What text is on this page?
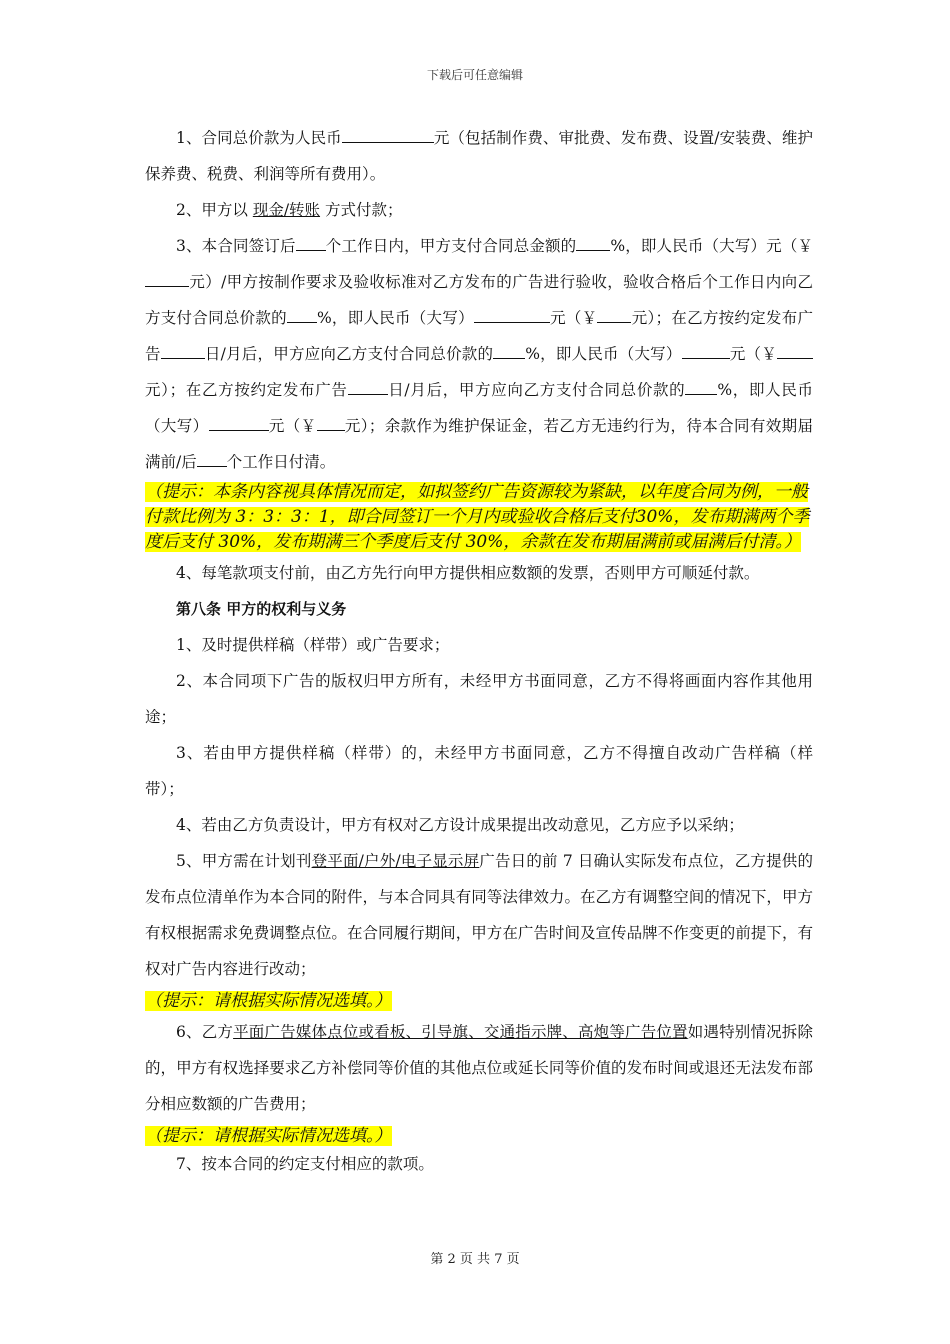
下载后可任意编辑

1、合同总价款为人民币	元（包括制作费、审批费、发布费、设置/安装费、维护保养费、税费、利润等所有费用）。

2、甲方以 现金/转账 方式付款；

3、本合同签订后 个工作日内，甲方支付合同总金额的 %，即人民币（大写）元（￥元）/甲方按制作要求及验收标准对乙方发布的广告进行验收，验收合格后个工作日内向乙方支付合同总价款的 %，即人民币（大写）	元（￥ 元）；在乙方按约定发布广告	日/月后，甲方应向乙方支付合同总价款的 %，即人民币（大写）	元（￥元）；在乙方按约定发布广告	日/月后，甲方应向乙方支付合同总价款的 %，即人民币（大写）	元（￥ 元）；余款作为维护保证金，若乙方无违约行为，待本合同有效期届满前/后 个工作日付清。

（提示：本条内容视具体情况而定，如拟签约广告资源较为紧缺，以年度合同为例，一般付款比例为 3：3：3：1，即合同签订一个月内或验收合格后支付30%，发布期满两个季度后支付 30%，发布期满三个季度后支付 30%，余款在发布期届满前或届满后付清。）

4、每笔款项支付前，由乙方先行向甲方提供相应数额的发票，否则甲方可顺延付款。

第八条 甲方的权利与义务

1、及时提供样稿（样带）或广告要求；

2、本合同项下广告的版权归甲方所有，未经甲方书面同意，乙方不得将画面内容作其他用途；

3、若由甲方提供样稿（样带）的，未经甲方书面同意，乙方不得擅自改动广告样稿（样带）；

4、若由乙方负责设计，甲方有权对乙方设计成果提出改动意见，乙方应予以采纳；

5、甲方需在计划刊登平面/户外/电子显示屏广告日的前 7 日确认实际发布点位，乙方提供的发布点位清单作为本合同的附件，与本合同具有同等法律效力。在乙方有调整空间的情况下，甲方有权根据需求免费调整点位。在合同履行期间，甲方在广告时间及宣传品牌不作变更的前提下，有权对广告内容进行改动；

（提示：请根据实际情况选填。）

6、乙方平面广告媒体点位或看板、引导旗、交通指示牌、高炮等广告位置如遇特别情况拆除的，甲方有权选择要求乙方补偿同等价值的其他点位或延长同等价值的发布时间或退还无法发布部分相应数额的广告费用；

（提示：请根据实际情况选填。）

7、按本合同的约定支付相应的款项。

第 2 页 共 7 页
